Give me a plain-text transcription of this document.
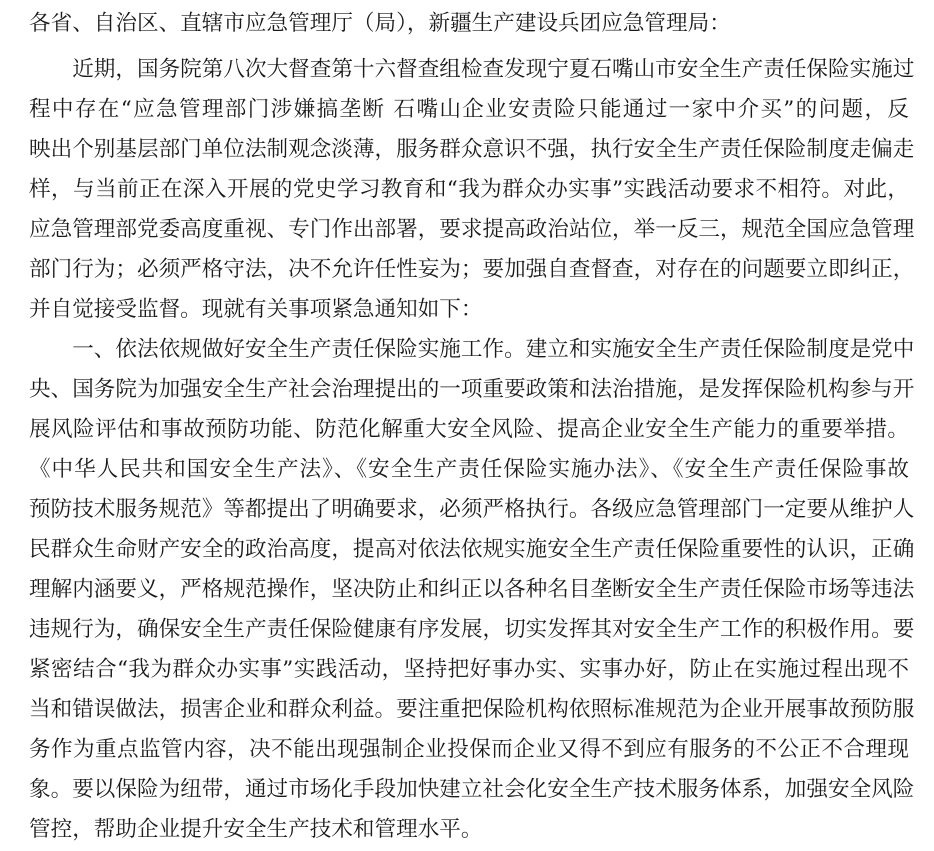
各省、自治区、直辖市应急管理厅（局），新疆生产建设兵团应急管理局：
　　近期，国务院第八次大督查第十六督查组检查发现宁夏石嘴山市安全生产责任保险实施过
程中存在“应急管理部门涉嫌搞垄断 石嘴山企业安责险只能通过一家中介买”的问题，反
映出个别基层部门单位法制观念淡薄，服务群众意识不强，执行安全生产责任保险制度走偏走
样，与当前正在深入开展的党史学习教育和“我为群众办实事”实践活动要求不相符。对此，
应急管理部党委高度重视、专门作出部署，要求提高政治站位，举一反三，规范全国应急管理
部门行为；必须严格守法，决不允许任性妄为；要加强自查督查，对存在的问题要立即纠正，
并自觉接受监督。现就有关事项紧急通知如下：
　　一、依法依规做好安全生产责任保险实施工作。建立和实施安全生产责任保险制度是党中
央、国务院为加强安全生产社会治理提出的一项重要政策和法治措施，是发挥保险机构参与开
展风险评估和事故预防功能、防范化解重大安全风险、提高企业安全生产能力的重要举措。
《中华人民共和国安全生产法》、《安全生产责任保险实施办法》、《安全生产责任保险事故
预防技术服务规范》等都提出了明确要求，必须严格执行。各级应急管理部门一定要从维护人
民群众生命财产安全的政治高度，提高对依法依规实施安全生产责任保险重要性的认识，正确
理解内涵要义，严格规范操作，坚决防止和纠正以各种名目垄断安全生产责任保险市场等违法
违规行为，确保安全生产责任保险健康有序发展，切实发挥其对安全生产工作的积极作用。要
紧密结合“我为群众办实事”实践活动，坚持把好事办实、实事办好，防止在实施过程出现不
当和错误做法，损害企业和群众利益。要注重把保险机构依照标准规范为企业开展事故预防服
务作为重点监管内容，决不能出现强制企业投保而企业又得不到应有服务的不公正不合理现
象。要以保险为纽带，通过市场化手段加快建立社会化安全生产技术服务体系，加强安全风险
管控，帮助企业提升安全生产技术和管理水平。
